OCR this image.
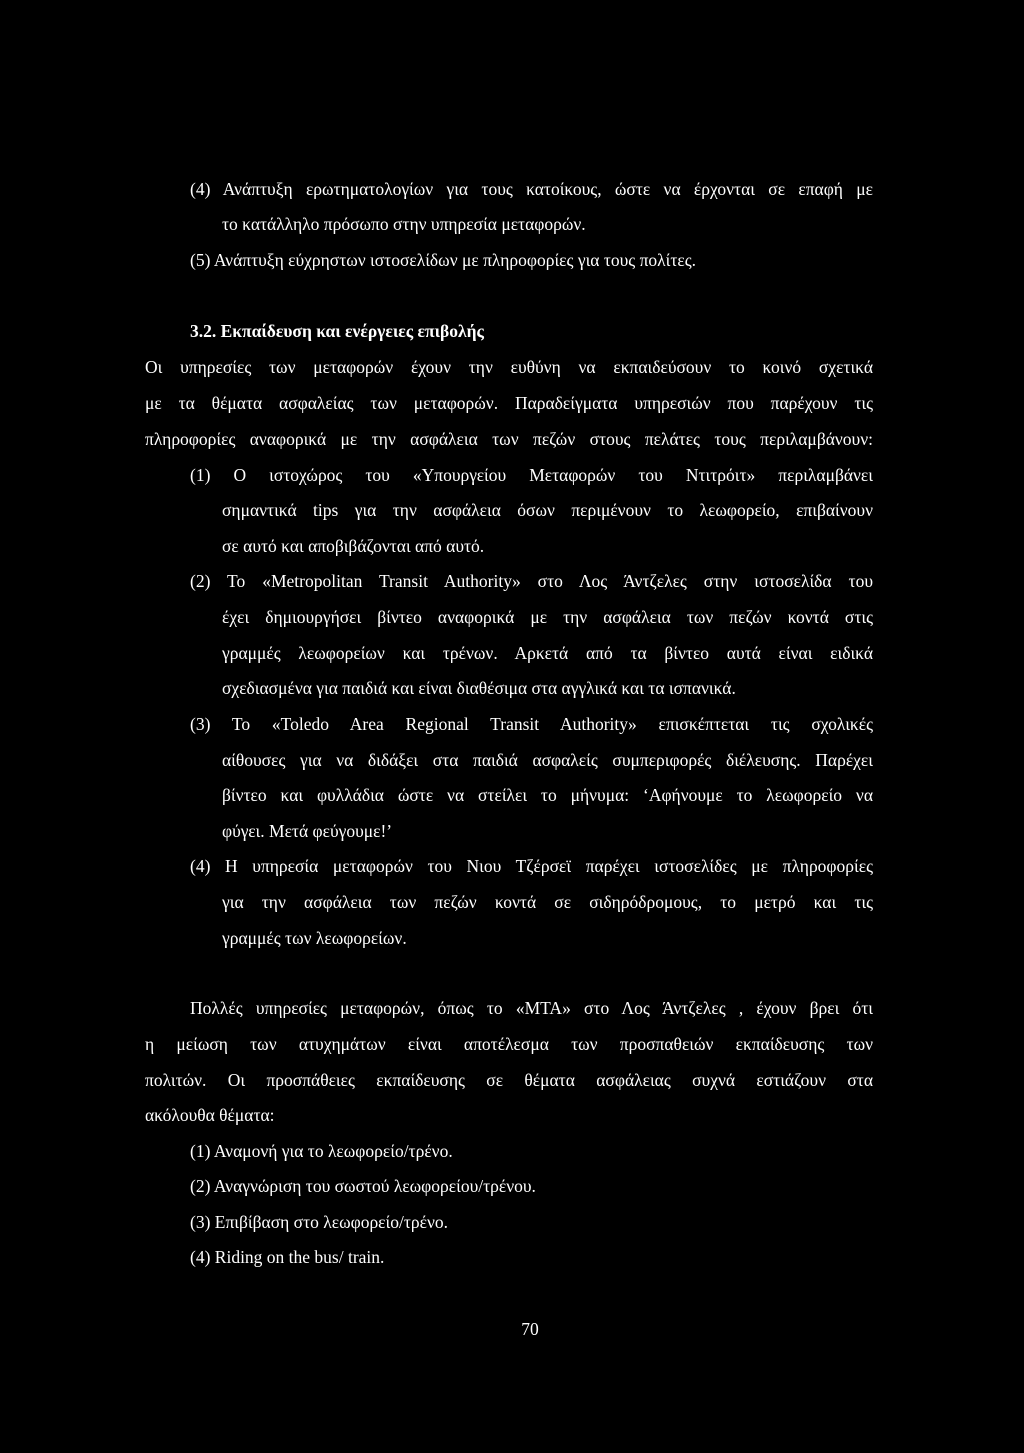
(4) Ανάπτυξη ερωτηματολογίων για τους κατοίκους, ώστε να έρχονται σε επαφή με
το κατάλληλο πρόσωπο στην υπηρεσία μεταφορών.
(5) Ανάπτυξη εύχρηστων ιστοσελίδων με πληροφορίες για τους πολίτες.
3.2. Εκπαίδευση και ενέργειες επιβολής
Οι υπηρεσίες των μεταφορών έχουν την ευθύνη να εκπαιδεύσουν το κοινό σχετικά
με τα θέματα ασφαλείας των μεταφορών. Παραδείγματα υπηρεσιών που παρέχουν τις
πληροφορίες αναφορικά με την ασφάλεια των πεζών στους πελάτες τους περιλαμβάνουν:
(1) Ο ιστοχώρος του «Υπουργείου Μεταφορών του Ντιτρόιτ» περιλαμβάνει
σημαντικά tips για την ασφάλεια όσων περιμένουν το λεωφορείο, επιβαίνουν
σε αυτό και αποβιβάζονται από αυτό.
(2) Το «Metropolitan Transit Authority» στο Λος Άντζελες στην ιστοσελίδα του
έχει δημιουργήσει βίντεο αναφορικά με την ασφάλεια των πεζών κοντά στις
γραμμές λεωφορείων και τρένων. Αρκετά από τα βίντεο αυτά είναι ειδικά
σχεδιασμένα για παιδιά και είναι διαθέσιμα στα αγγλικά και τα ισπανικά.
(3) Το «Toledo Area Regional Transit Authority» επισκέπτεται τις σχολικές
αίθουσες για να διδάξει στα παιδιά ασφαλείς συμπεριφορές διέλευσης. Παρέχει
βίντεο και φυλλάδια ώστε να στείλει το μήνυμα: ‘Αφήνουμε το λεωφορείο να
φύγει. Μετά φεύγουμε!’
(4) Η υπηρεσία μεταφορών του Νιου Τζέρσεϊ παρέχει ιστοσελίδες με πληροφορίες
για την ασφάλεια των πεζών κοντά σε σιδηρόδρομους, το μετρό και τις
γραμμές των λεωφορείων.
Πολλές υπηρεσίες μεταφορών, όπως το «MTA» στο Λος Άντζελες , έχουν βρει ότι
η μείωση των ατυχημάτων είναι αποτέλεσμα των προσπαθειών εκπαίδευσης των
πολιτών. Οι προσπάθειες εκπαίδευσης σε θέματα ασφάλειας συχνά εστιάζουν στα
ακόλουθα θέματα:
(1) Αναμονή για το λεωφορείο/τρένο.
(2) Αναγνώριση του σωστού λεωφορείου/τρένου.
(3) Επιβίβαση στο λεωφορείο/τρένο.
(4) Riding on the bus/ train.
70
